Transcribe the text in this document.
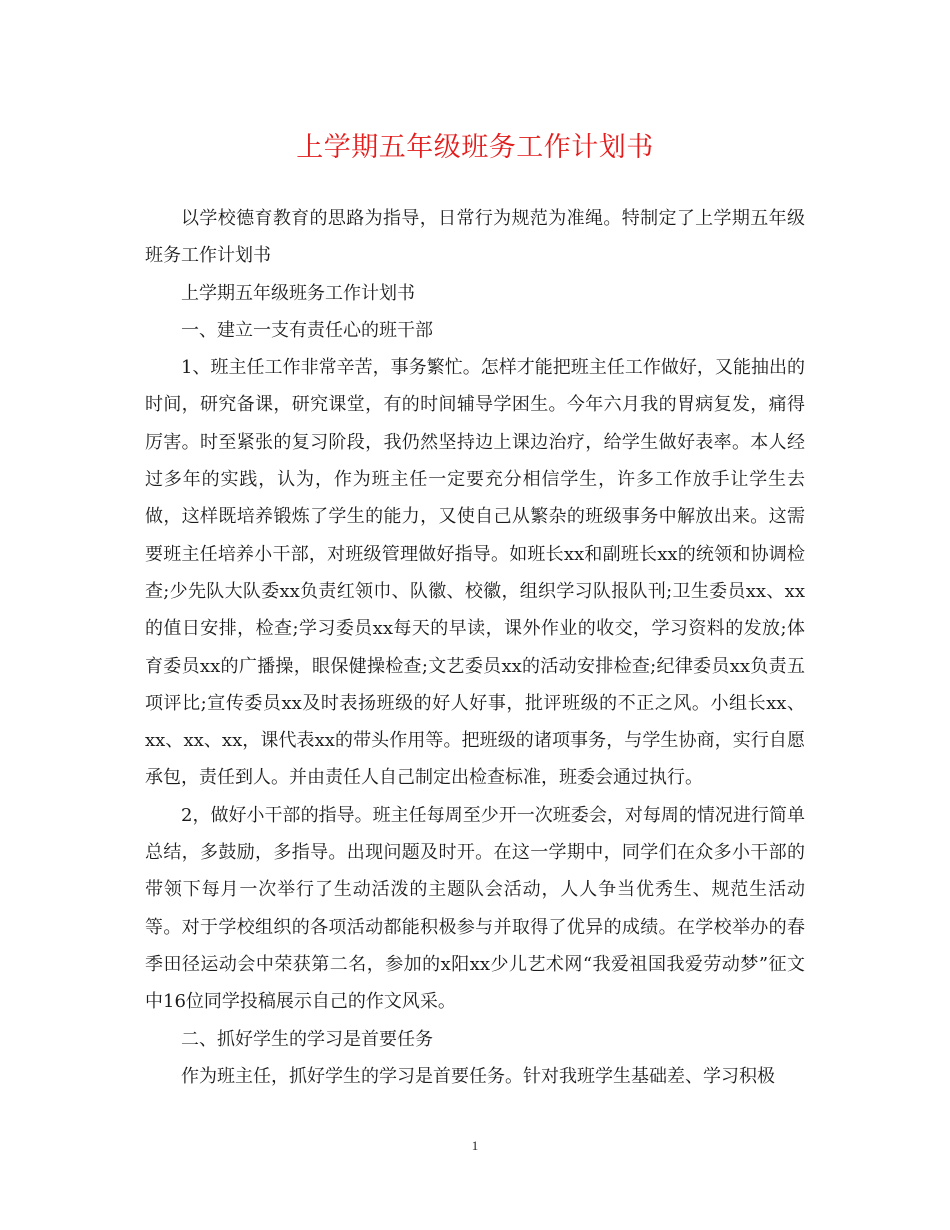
上学期五年级班务工作计划书

以学校德育教育的思路为指导，日常行为规范为准绳。特制定了上学期五年级班务工作计划书

上学期五年级班务工作计划书

一、建立一支有责任心的班干部

1、班主任工作非常辛苦，事务繁忙。怎样才能把班主任工作做好，又能抽出的时间，研究备课，研究课堂，有的时间辅导学困生。今年六月我的胃病复发，痛得厉害。时至紧张的复习阶段，我仍然坚持边上课边治疗，给学生做好表率。本人经过多年的实践，认为，作为班主任一定要充分相信学生，许多工作放手让学生去做，这样既培养锻炼了学生的能力，又使自己从繁杂的班级事务中解放出来。这需要班主任培养小干部，对班级管理做好指导。如班长xx和副班长xx的统领和协调检查;少先队大队委xx负责红领巾、队徽、校徽，组织学习队报队刊;卫生委员xx、xx的值日安排，检查;学习委员xx每天的早读，课外作业的收交，学习资料的发放;体育委员xx的广播操，眼保健操检查;文艺委员xx的活动安排检查;纪律委员xx负责五项评比;宣传委员xx及时表扬班级的好人好事，批评班级的不正之风。小组长xx、xx、xx、xx，课代表xx的带头作用等。把班级的诸项事务，与学生协商，实行自愿承包，责任到人。并由责任人自己制定出检查标准，班委会通过执行。

2，做好小干部的指导。班主任每周至少开一次班委会，对每周的情况进行简单总结，多鼓励，多指导。出现问题及时开。在这一学期中，同学们在众多小干部的带领下每月一次举行了生动活泼的主题队会活动，人人争当优秀生、规范生活动等。对于学校组织的各项活动都能积极参与并取得了优异的成绩。在学校举办的春季田径运动会中荣获第二名，参加的x阳xx少儿艺术网“我爱祖国我爱劳动梦”征文中16位同学投稿展示自己的作文风采。

二、抓好学生的学习是首要任务

作为班主任，抓好学生的学习是首要任务。针对我班学生基础差、学习积极

1
